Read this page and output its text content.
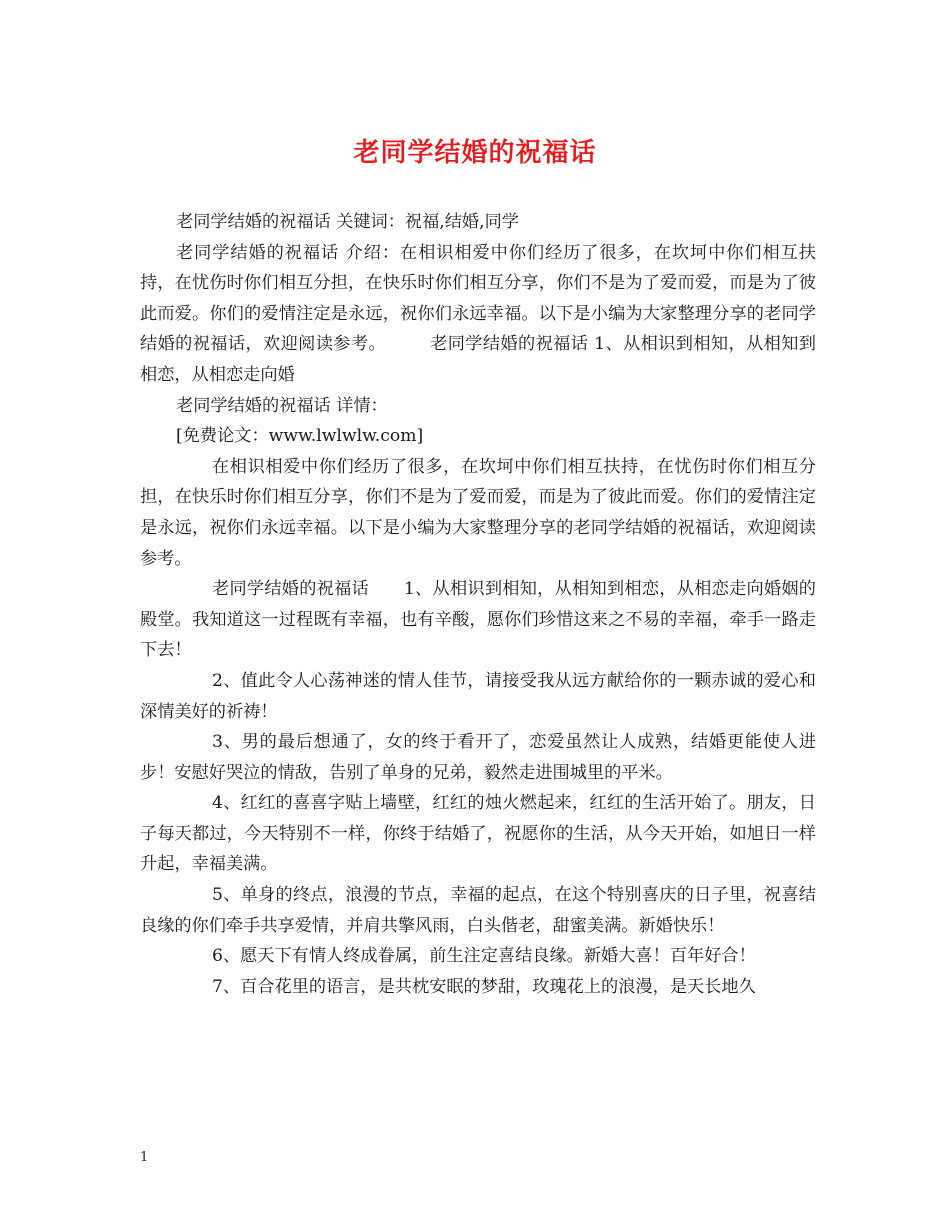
老同学结婚的祝福话

老同学结婚的祝福话 关键词：祝福,结婚,同学

老同学结婚的祝福话 介绍：在相识相爱中你们经历了很多，在坎坷中你们相互扶持，在忧伤时你们相互分担，在快乐时你们相互分享，你们不是为了爱而爱，而是为了彼此而爱。你们的爱情注定是永远，祝你们永远幸福。以下是小编为大家整理分享的老同学结婚的祝福话，欢迎阅读参考。　　　老同学结婚的祝福话 1、从相识到相知，从相知到相恋，从相恋走向婚

老同学结婚的祝福话 详情：

[免费论文：www.lwlwlw.com]

在相识相爱中你们经历了很多，在坎坷中你们相互扶持，在忧伤时你们相互分担，在快乐时你们相互分享，你们不是为了爱而爱，而是为了彼此而爱。你们的爱情注定是永远，祝你们永远幸福。以下是小编为大家整理分享的老同学结婚的祝福话，欢迎阅读参考。

老同学结婚的祝福话　　1、从相识到相知，从相知到相恋，从相恋走向婚姻的殿堂。我知道这一过程既有幸福，也有辛酸，愿你们珍惜这来之不易的幸福，牵手一路走下去！

2、值此令人心荡神迷的情人佳节，请接受我从远方献给你的一颗赤诚的爱心和深情美好的祈祷！

3、男的最后想通了，女的终于看开了，恋爱虽然让人成熟，结婚更能使人进步！安慰好哭泣的情敌，告别了单身的兄弟，毅然走进围城里的平米。

4、红红的喜喜字贴上墙壁，红红的烛火燃起来，红红的生活开始了。朋友，日子每天都过，今天特别不一样，你终于结婚了，祝愿你的生活，从今天开始，如旭日一样升起，幸福美满。

5、单身的终点，浪漫的节点，幸福的起点，在这个特别喜庆的日子里，祝喜结良缘的你们牵手共享爱情，并肩共擎风雨，白头偕老，甜蜜美满。新婚快乐！

6、愿天下有情人终成眷属，前生注定喜结良缘。新婚大喜！百年好合！

7、百合花里的语言，是共枕安眠的梦甜，玫瑰花上的浪漫，是天长地久

1
